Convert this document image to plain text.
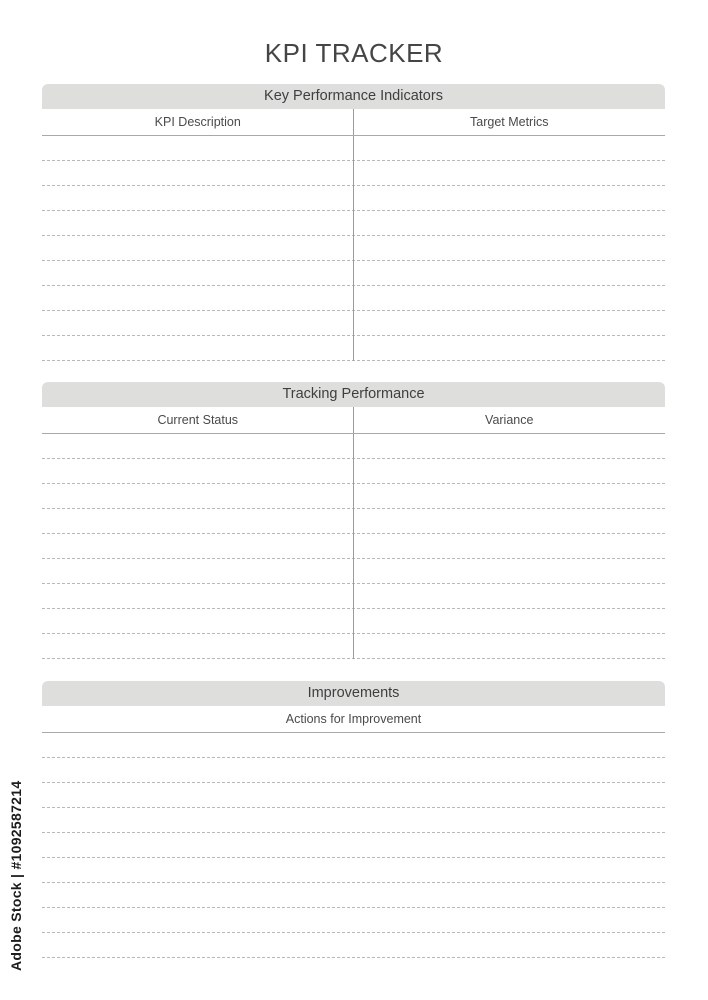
KPI TRACKER
Key Performance Indicators
KPI Description	Target Metrics
Tracking Performance
Current Status	Variance
Improvements
Actions for Improvement
Adobe Stock | #1092587214
